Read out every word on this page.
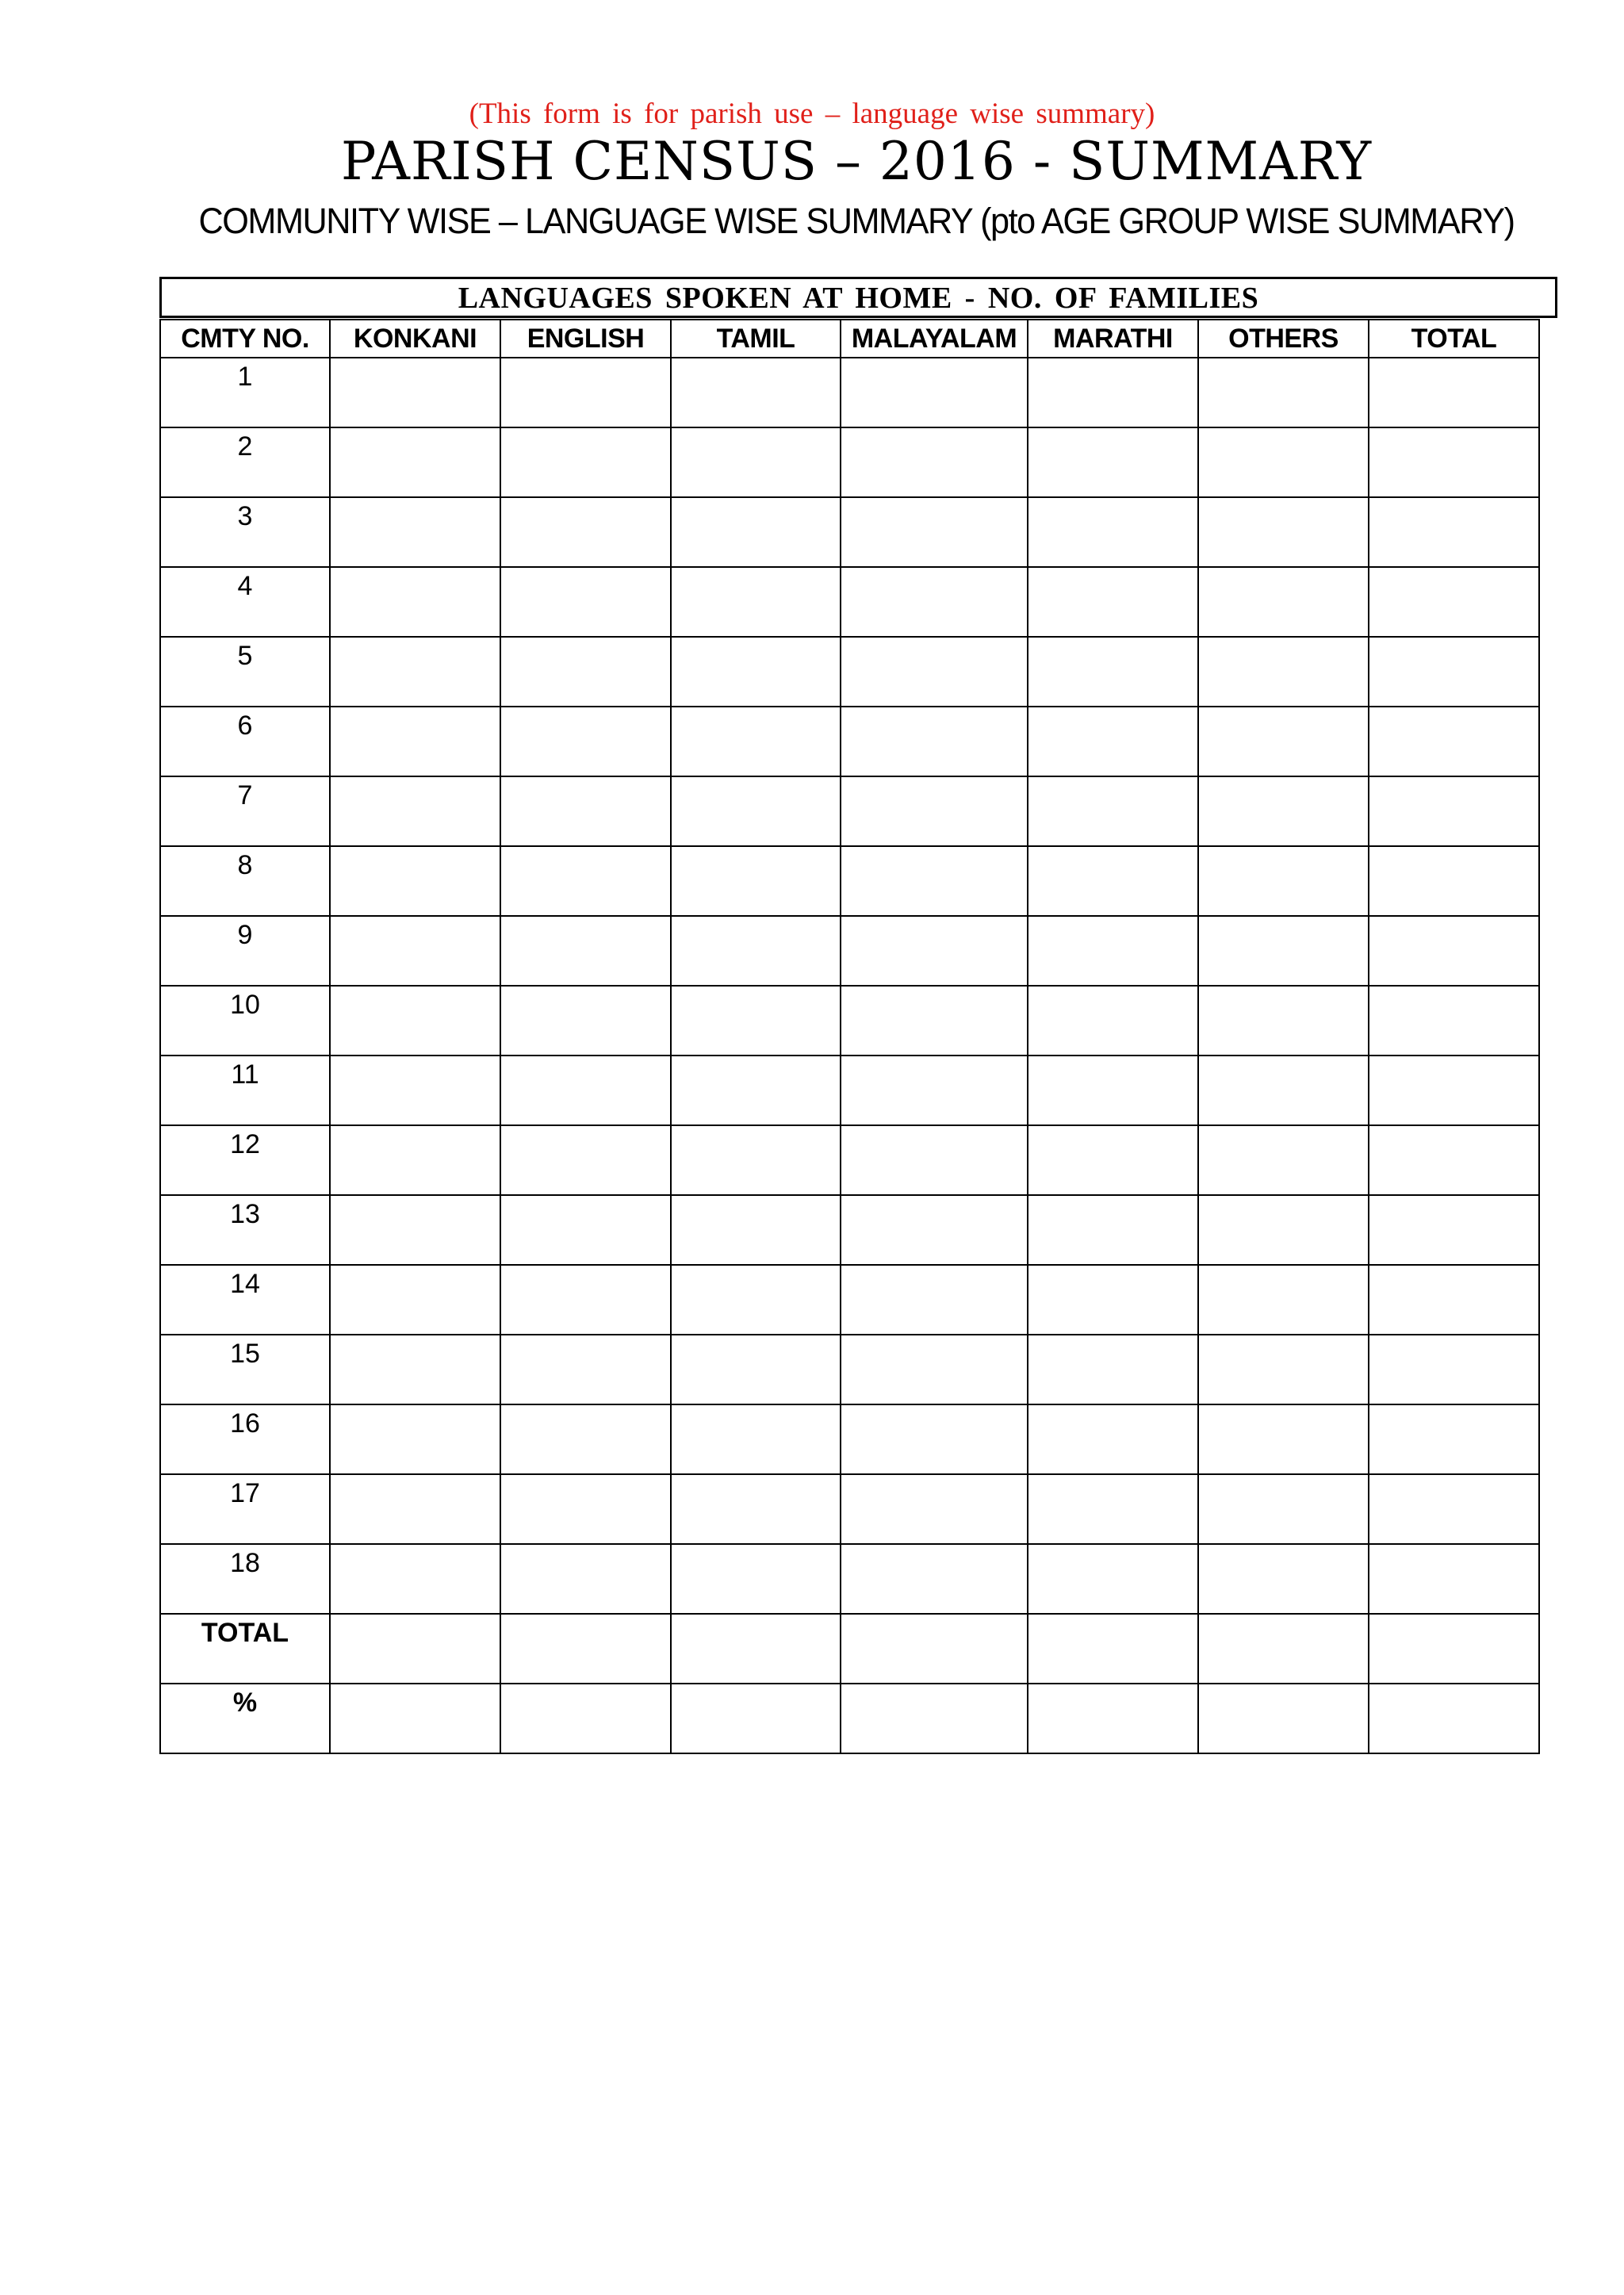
(This form is for parish use – language wise summary)
PARISH CENSUS – 2016 - SUMMARY
COMMUNITY WISE – LANGUAGE WISE SUMMARY (pto AGE GROUP WISE SUMMARY)
LANGUAGES SPOKEN AT HOME - NO. OF FAMILIES
CMTY NO.	KONKANI	ENGLISH	TAMIL	MALAYALAM	MARATHI	OTHERS	TOTAL
1							
2							
3							
4							
5							
6							
7							
8							
9							
10							
11							
12							
13							
14							
15							
16							
17							
18							
TOTAL							
%							
